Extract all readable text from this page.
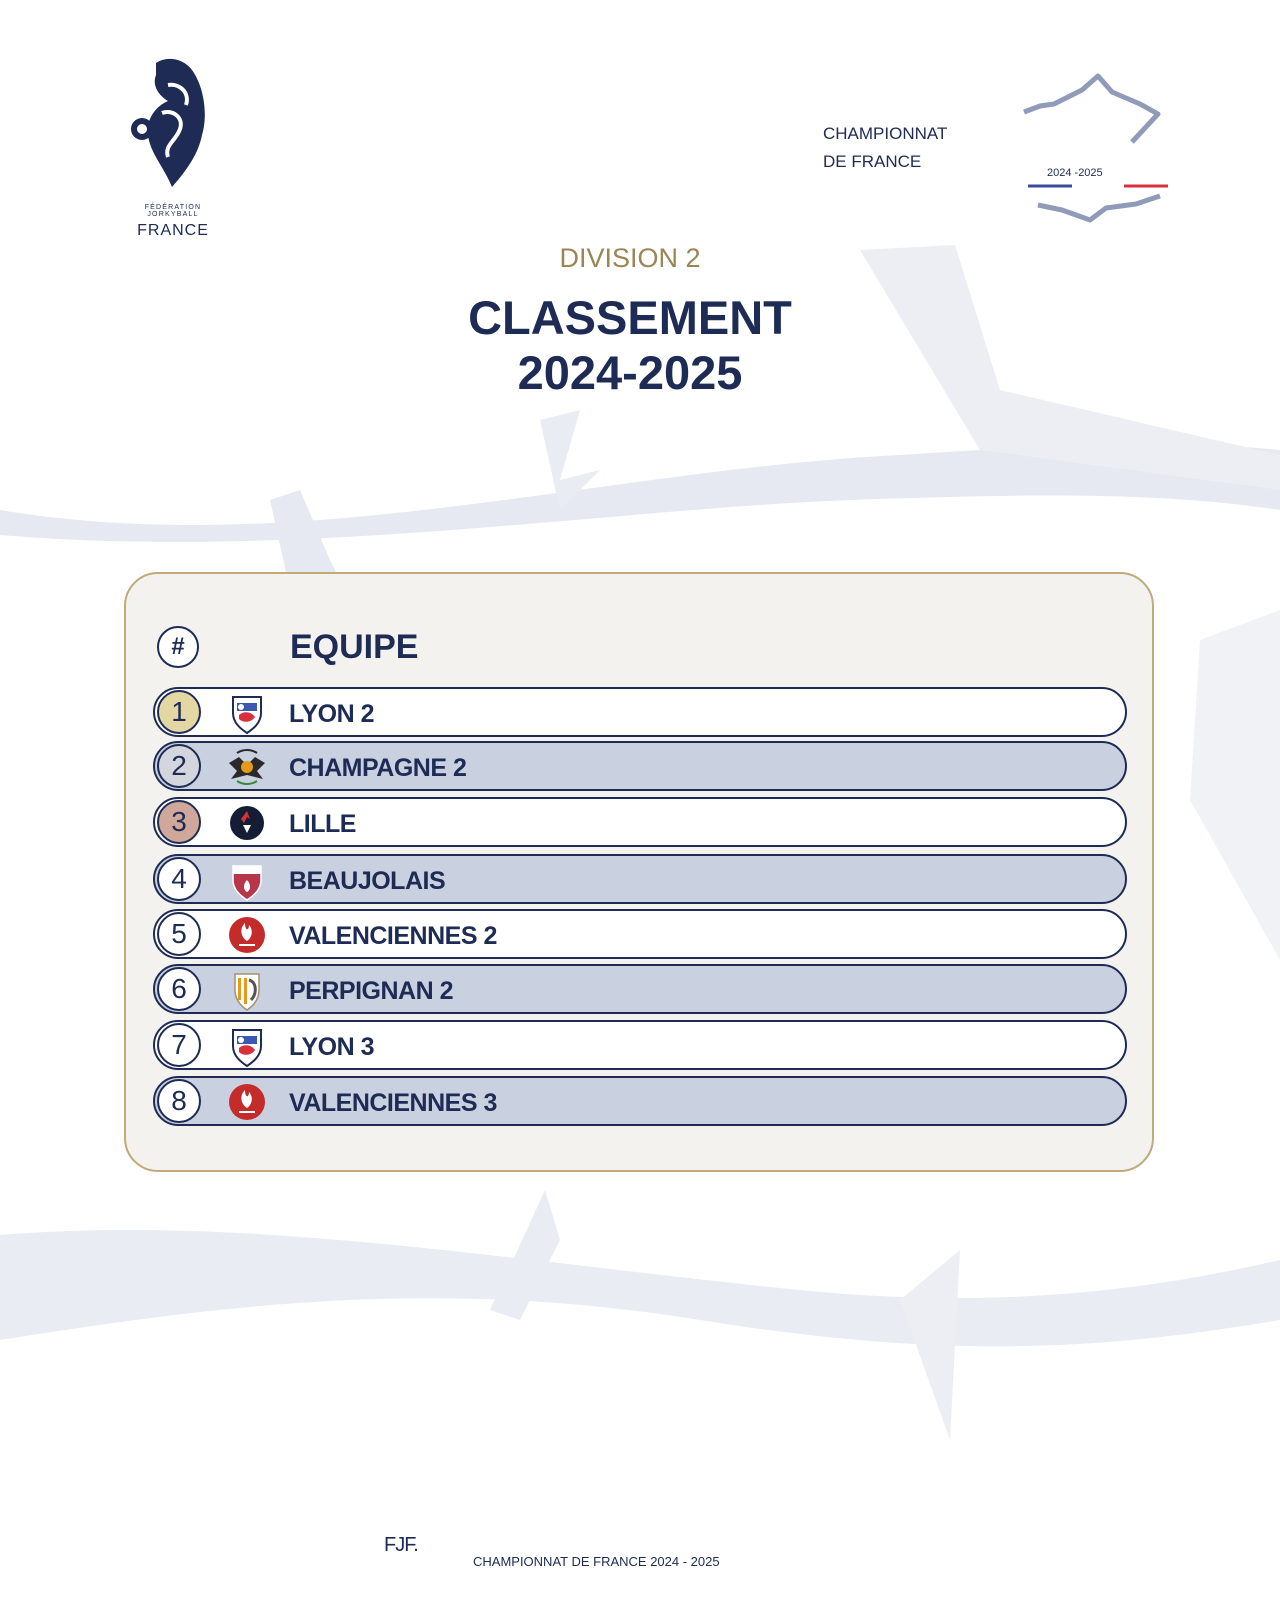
FÉDÉRATION JORKYBALL
FRANCE
CHAMPIONNAT
DE FRANCE
2024 -2025
DIVISION 2
CLASSEMENT
2024-2025
#	EQUIPE
1	LYON 2
2	CHAMPAGNE 2
3	LILLE
4	BEAUJOLAIS
5	VALENCIENNES 2
6	PERPIGNAN 2
7	LYON 3
8	VALENCIENNES 3
FJF.
CHAMPIONNAT DE FRANCE 2024 - 2025
